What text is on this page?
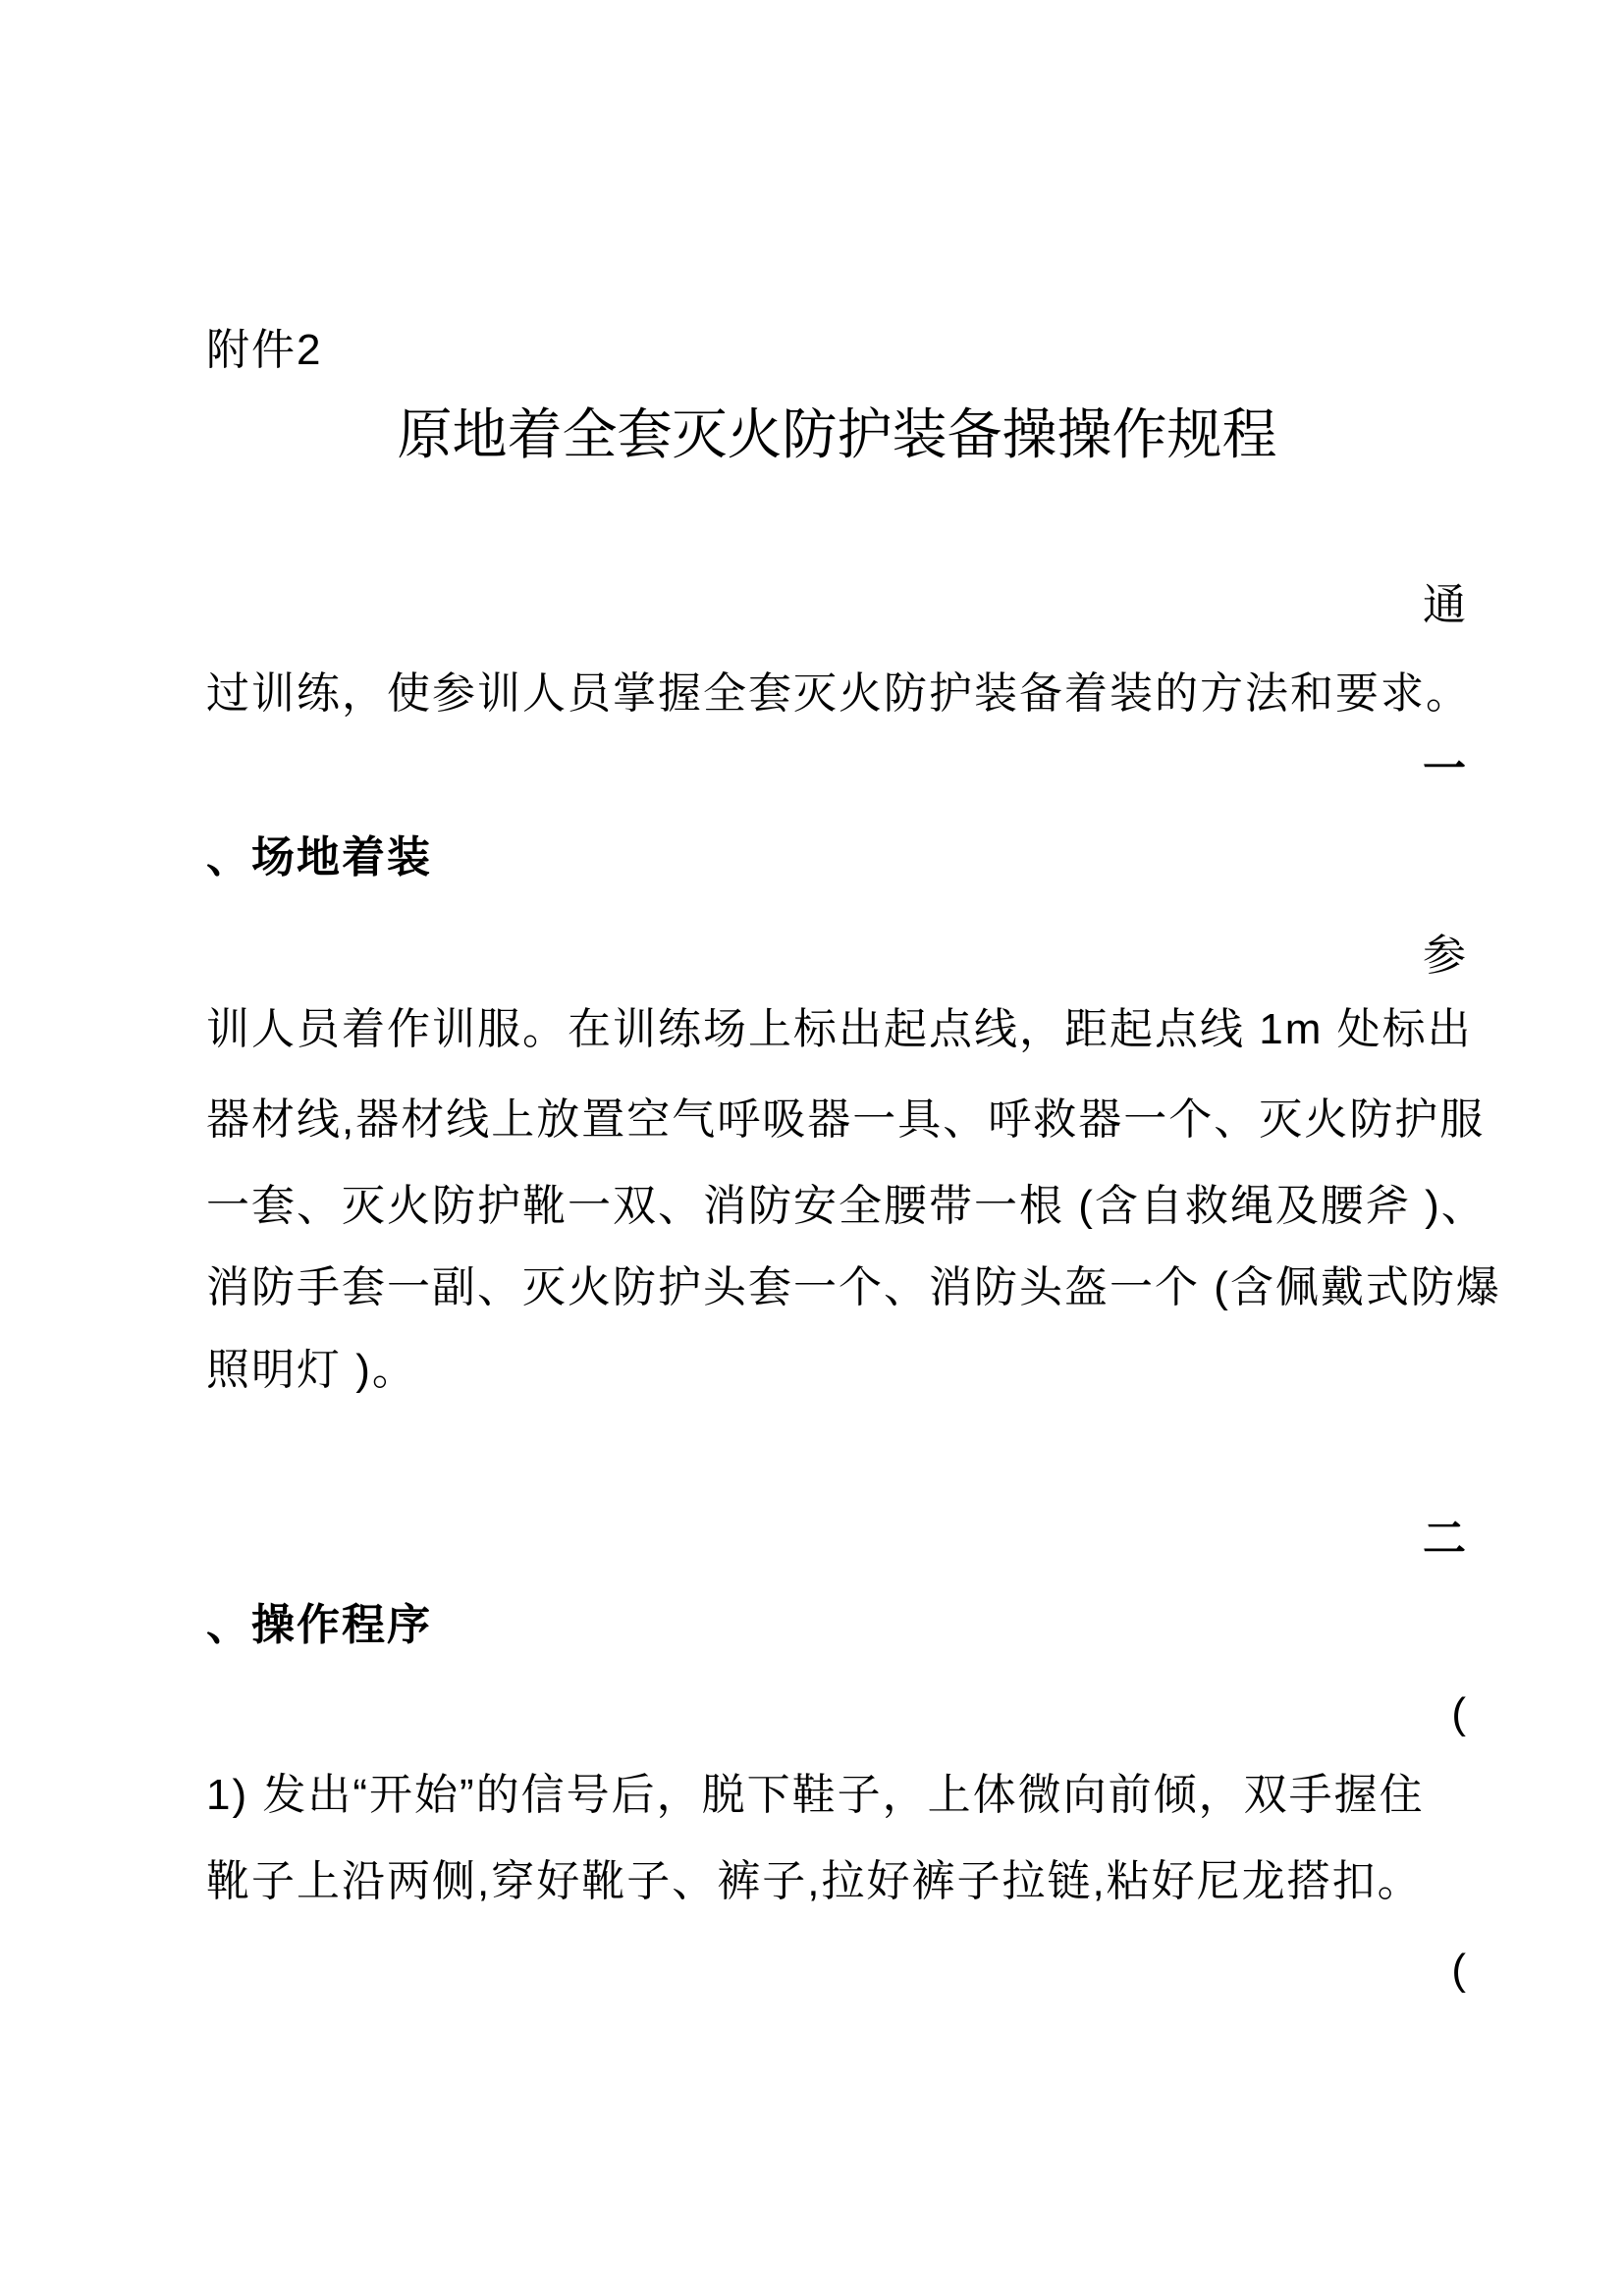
附件2
原地着全套灭火防护装备操操作规程
通
过训练，使参训人员掌握全套灭火防护装备着装的方法和要求。
一
、场地着装
参
训人员着作训服。在训练场上标出起点线，距起点线 1m 处标出
器材线,器材线上放置空气呼吸器一具、呼救器一个、灭火防护服
一套、灭火防护靴一双、消防安全腰带一根 (含自救绳及腰斧 )、
消防手套一副、灭火防护头套一个、消防头盔一个 (含佩戴式防爆
照明灯 )。
二
、操作程序
(
1) 发出“开始”的信号后，脱下鞋子，上体微向前倾，双手握住
靴子上沿两侧,穿好靴子、裤子,拉好裤子拉链,粘好尼龙搭扣。
(
